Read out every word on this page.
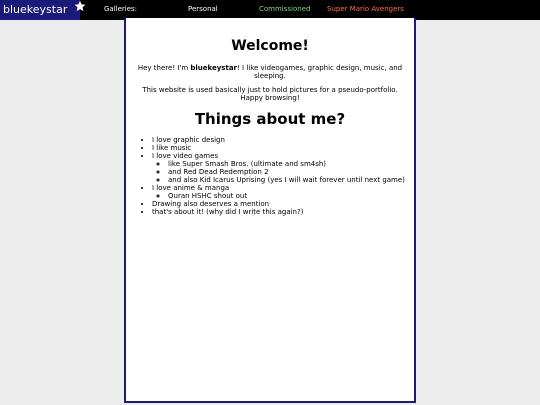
bluekeystar	Galleries:	Personal	Commissioned Super Mario Avengers
Welcome!

Hey there! I'm bluekeystar! I like videogames, graphic design, music, and sleeping.

This website is used basically just to hold pictures for a pseudo-portfolio. Happy browsing!

Things about me?
• I love graphic design
• I like music
• I love video games
◦ like Super Smash Bros. (ultimate and sm4sh)
◦ and Red Dead Redemption 2
◦ and also Kid Icarus Uprising (yes I will wait forever until next game)
• I love anime & manga
◦ Ouran HSHC shout out
• Drawing also deserves a mention
• that's about it! (why did I write this again?)
